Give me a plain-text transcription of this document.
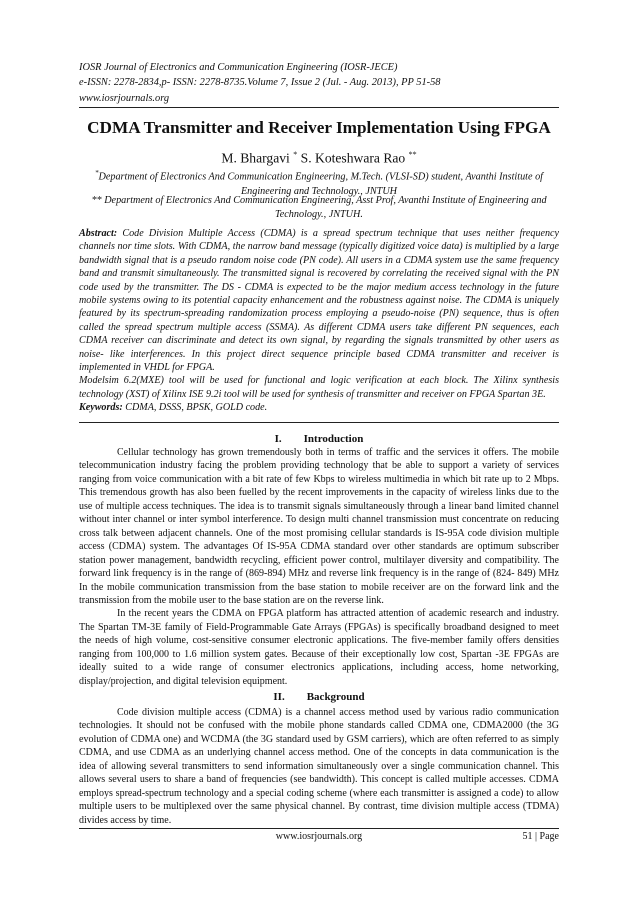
IOSR Journal of Electronics and Communication Engineering (IOSR-JECE)
e-ISSN: 2278-2834,p- ISSN: 2278-8735.Volume 7, Issue 2 (Jul. - Aug. 2013), PP 51-58
www.iosrjournals.org
CDMA Transmitter and Receiver Implementation Using FPGA
M. Bhargavi * S. Koteshwara Rao **
*Department of Electronics And Communication Engineering, M.Tech. (VLSI-SD) student, Avanthi Institute of Engineering and Technology., JNTUH
** Department of Electronics And Communication Engineering, Asst Prof, Avanthi Institute of Engineering and Technology., JNTUH.
Abstract: Code Division Multiple Access (CDMA) is a spread spectrum technique that uses neither frequency channels nor time slots. With CDMA, the narrow band message (typically digitized voice data) is multiplied by a large bandwidth signal that is a pseudo random noise code (PN code). All users in a CDMA system use the same frequency band and transmit simultaneously. The transmitted signal is recovered by correlating the received signal with the PN code used by the transmitter. The DS - CDMA is expected to be the major medium access technology in the future mobile systems owing to its potential capacity enhancement and the robustness against noise. The CDMA is uniquely featured by its spectrum-spreading randomization process employing a pseudo-noise (PN) sequence, thus is often called the spread spectrum multiple access (SSMA). As different CDMA users take different PN sequences, each CDMA receiver can discriminate and detect its own signal, by regarding the signals transmitted by other users as noise- like interferences. In this project direct sequence principle based CDMA transmitter and receiver is implemented in VHDL for FPGA.
Modelsim 6.2(MXE) tool will be used for functional and logic verification at each block. The Xilinx synthesis technology (XST) of Xilinx ISE 9.2i tool will be used for synthesis of transmitter and receiver on FPGA Spartan 3E.
Keywords: CDMA, DSSS, BPSK, GOLD code.
I. Introduction

Cellular technology has grown tremendously both in terms of traffic and the services it offers. The mobile telecommunication industry facing the problem providing technology that be able to support a variety of services ranging from voice communication with a bit rate of few Kbps to wireless multimedia in which bit rate up to 2 Mbps. This tremendous growth has also been fuelled by the recent improvements in the capacity of wireless links due to the use of multiple access techniques. The idea is to transmit signals simultaneously through a linear band limited channel without inter channel or inter symbol interference. To design multi channel transmission must concentrate on reducing cross talk between adjacent channels. One of the most promising cellular standards is IS-95A code division multiple access (CDMA) system. The advantages Of IS-95A CDMA standard over other standards are optimum subscriber station power management, bandwidth recycling, efficient power control, multilayer diversity and compatibility. The forward link frequency is in the range of (869-894) MHz and reverse link frequency is in the range of (824- 849) MHz In the mobile communication transmission from the base station to mobile receiver are on the forward link and the transmission from the mobile user to the base station are on the reverse link.

In the recent years the CDMA on FPGA platform has attracted attention of academic research and industry. The Spartan TM-3E family of Field-Programmable Gate Arrays (FPGAs) is specifically broadband designed to meet the needs of high volume, cost-sensitive consumer electronic applications. The five-member family offers densities ranging from 100,000 to 1.6 million system gates. Because of their exceptionally low cost, Spartan -3E FPGAs are ideally suited to a wide range of consumer electronics applications, including access, home networking, display/projection, and digital television equipment.

II. Background

Code division multiple access (CDMA) is a channel access method used by various radio communication technologies. It should not be confused with the mobile phone standards called CDMA one, CDMA2000 (the 3G evolution of CDMA one) and WCDMA (the 3G standard used by GSM carriers), which are often referred to as simply CDMA, and use CDMA as an underlying channel access method. One of the concepts in data communication is the idea of allowing several transmitters to send information simultaneously over a single communication channel. This allows several users to share a band of frequencies (see bandwidth). This concept is called multiple accesses. CDMA employs spread-spectrum technology and a special coding scheme (where each transmitter is assigned a code) to allow multiple users to be multiplexed over the same physical channel. By contrast, time division multiple access (TDMA) divides access by time.

www.iosrjournals.org	51 | Page
